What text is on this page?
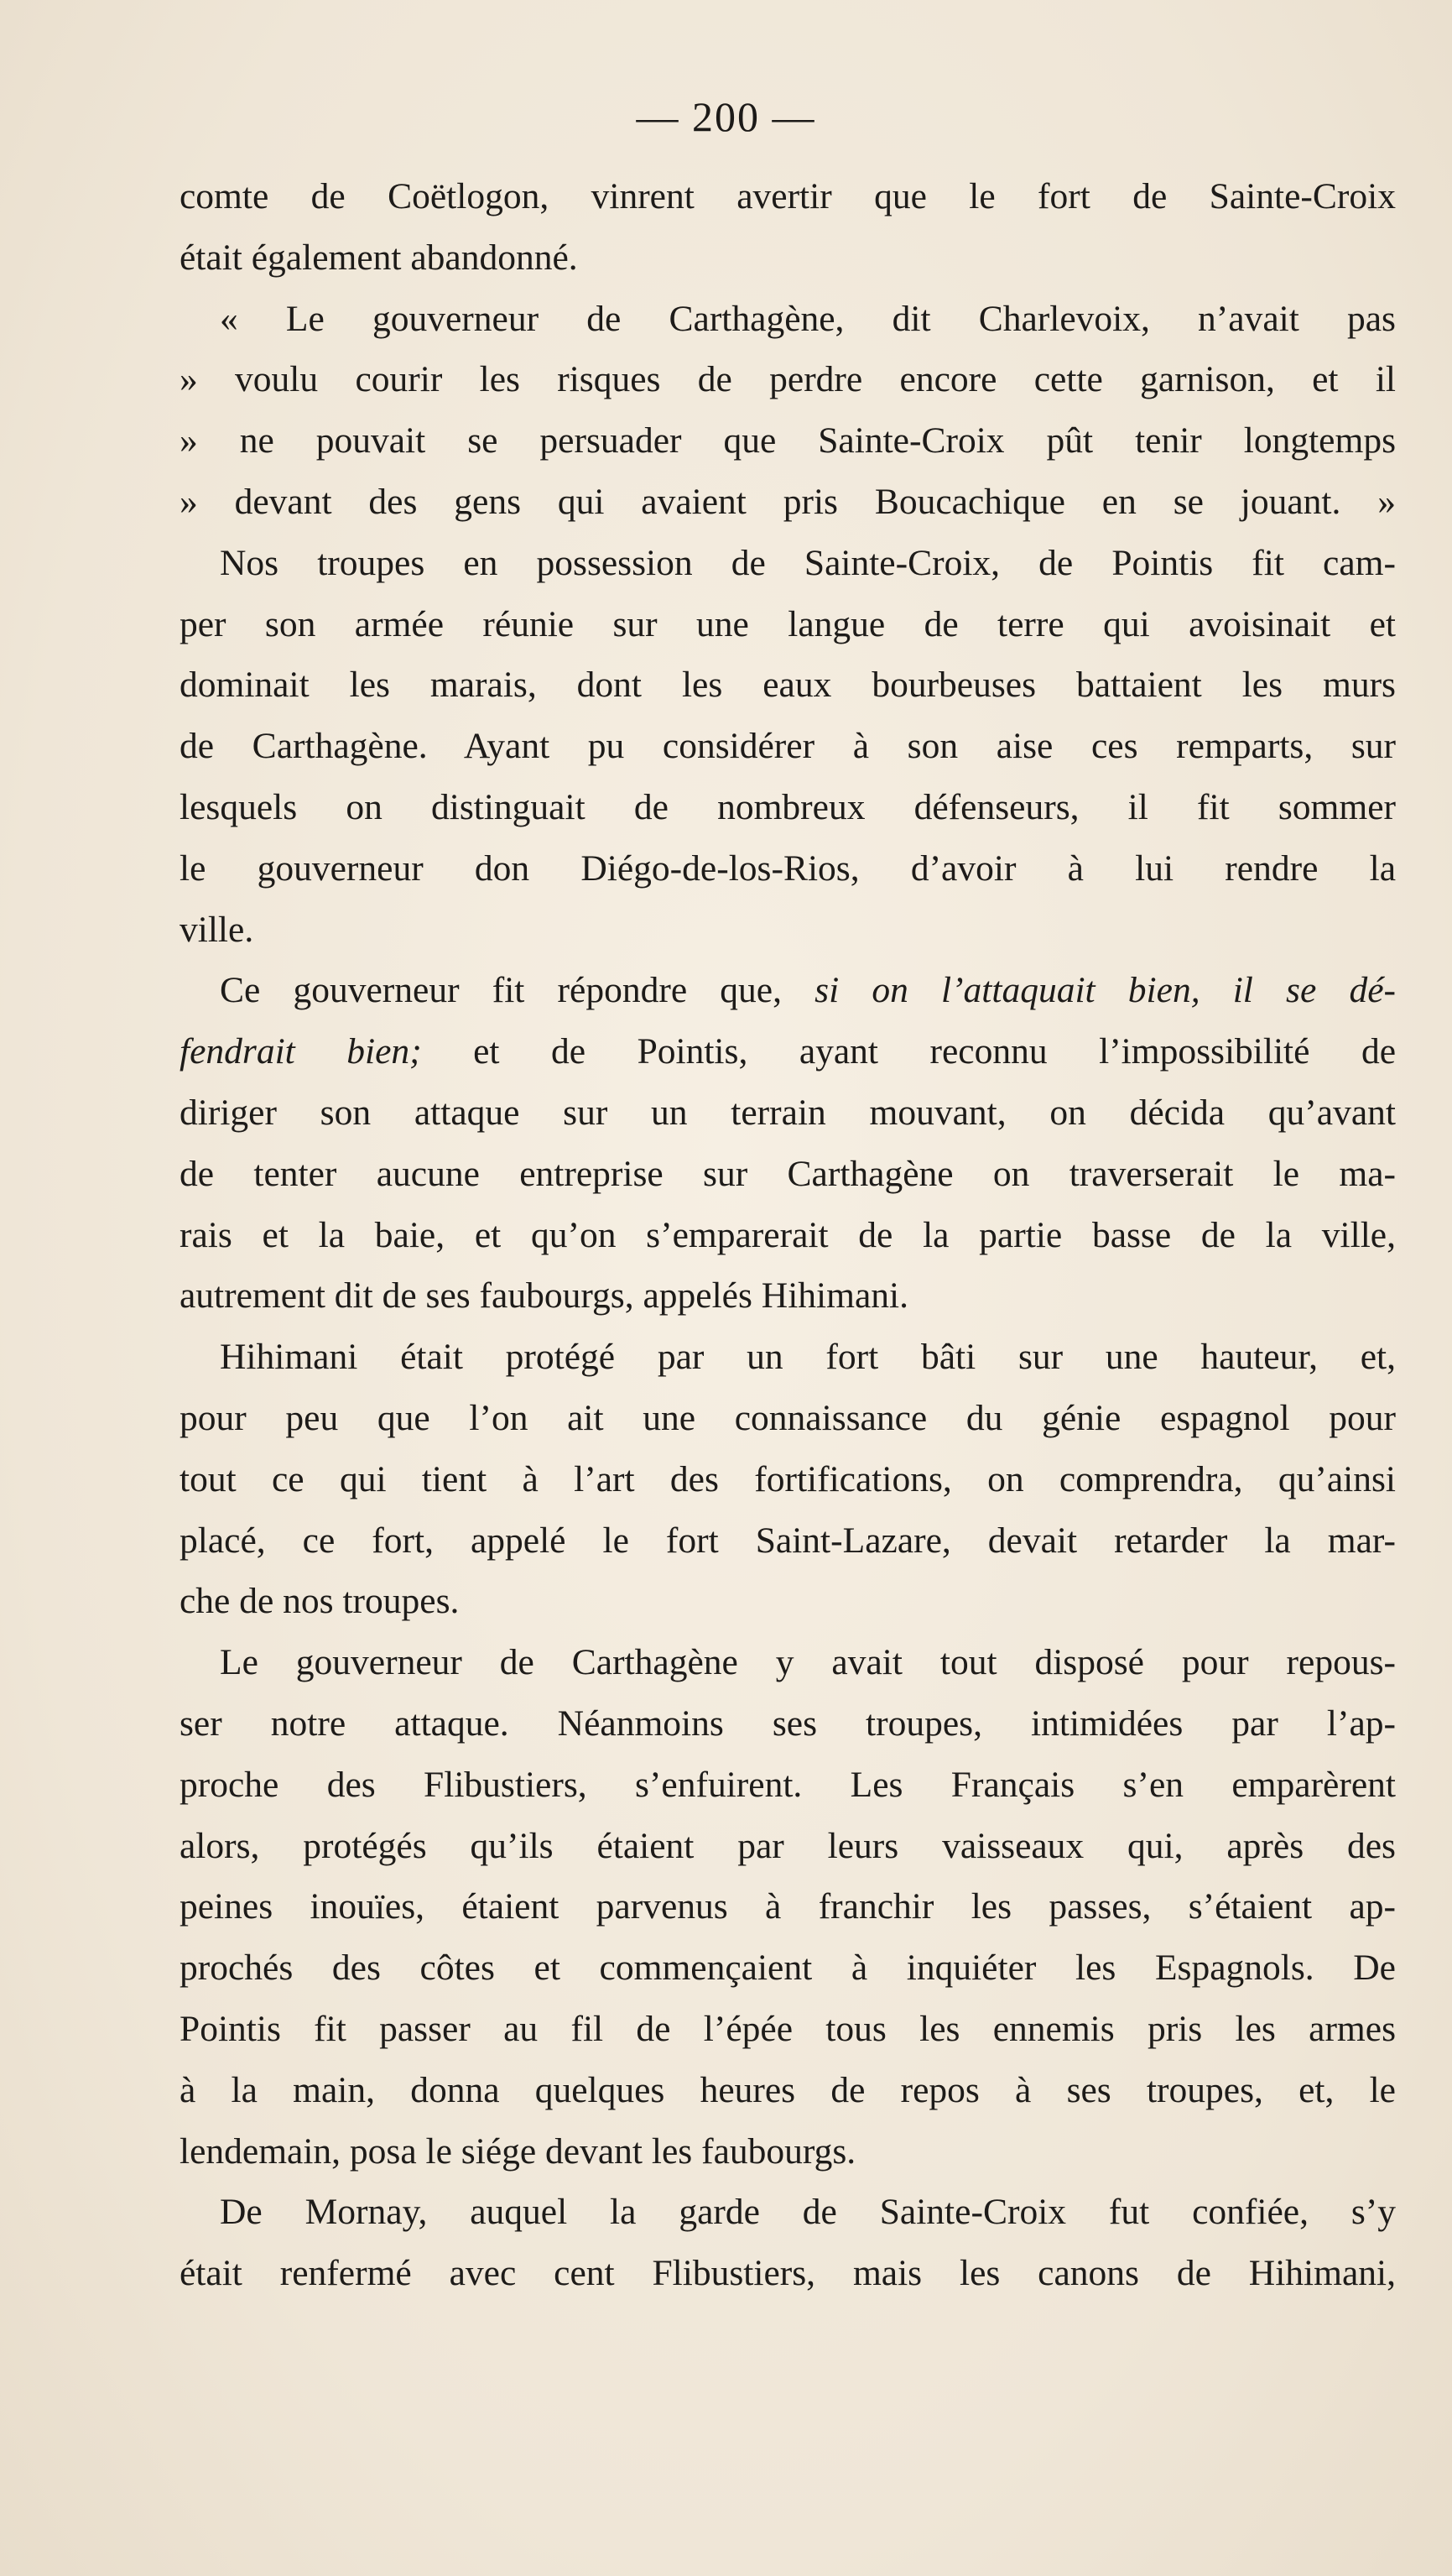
— 200 —
comte de Coëtlogon, vinrent avertir que le fort de Sainte-Croix
était également abandonné.
« Le gouverneur de Carthagène, dit Charlevoix, n’avait pas
» voulu courir les risques de perdre encore cette garnison, et il
» ne pouvait se persuader que Sainte-Croix pût tenir longtemps
» devant des gens qui avaient pris Boucachique en se jouant. »
Nos troupes en possession de Sainte-Croix, de Pointis fit cam-
per son armée réunie sur une langue de terre qui avoisinait et
dominait les marais, dont les eaux bourbeuses battaient les murs
de Carthagène. Ayant pu considérer à son aise ces remparts, sur
lesquels on distinguait de nombreux défenseurs, il fit sommer
le gouverneur don Diégo-de-los-Rios, d’avoir à lui rendre la
ville.
Ce gouverneur fit répondre que, si on l’attaquait bien, il se dé-
fendrait bien; et de Pointis, ayant reconnu l’impossibilité de
diriger son attaque sur un terrain mouvant, on décida qu’avant
de tenter aucune entreprise sur Carthagène on traverserait le ma-
rais et la baie, et qu’on s’emparerait de la partie basse de la ville,
autrement dit de ses faubourgs, appelés Hihimani.
Hihimani était protégé par un fort bâti sur une hauteur, et,
pour peu que l’on ait une connaissance du génie espagnol pour
tout ce qui tient à l’art des fortifications, on comprendra, qu’ainsi
placé, ce fort, appelé le fort Saint-Lazare, devait retarder la mar-
che de nos troupes.
Le gouverneur de Carthagène y avait tout disposé pour repous-
ser notre attaque. Néanmoins ses troupes, intimidées par l’ap-
proche des Flibustiers, s’enfuirent. Les Français s’en emparèrent
alors, protégés qu’ils étaient par leurs vaisseaux qui, après des
peines inouïes, étaient parvenus à franchir les passes, s’étaient ap-
prochés des côtes et commençaient à inquiéter les Espagnols. De
Pointis fit passer au fil de l’épée tous les ennemis pris les armes
à la main, donna quelques heures de repos à ses troupes, et, le
lendemain, posa le siége devant les faubourgs.
De Mornay, auquel la garde de Sainte-Croix fut confiée, s’y
était renfermé avec cent Flibustiers, mais les canons de Hihimani,
